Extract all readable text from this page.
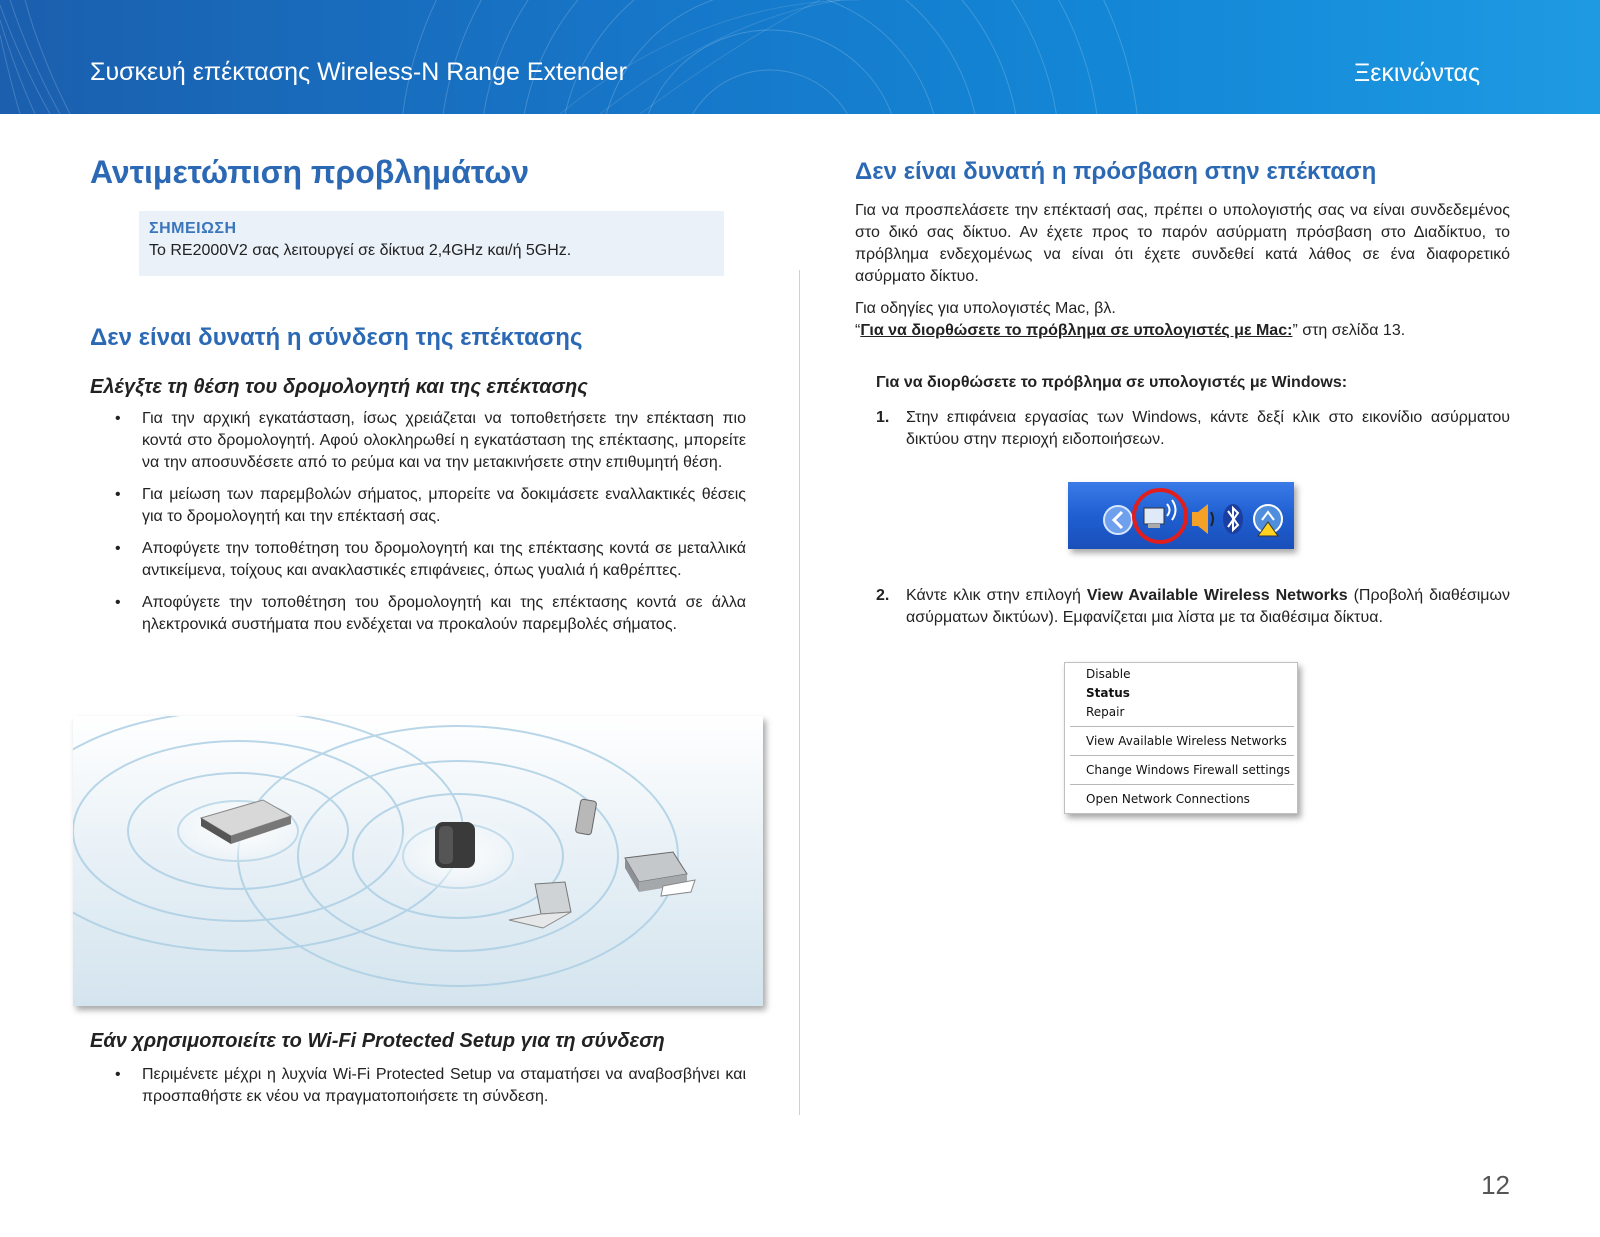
Συσκευή επέκτασης Wireless-N Range Extender	Ξεκινώντας
Αντιμετώπιση προβλημάτων
ΣΗΜΕΙΩΣΗ
Το RE2000V2 σας λειτουργεί σε δίκτυα 2,4GHz και/ή 5GHz.
Δεν είναι δυνατή η σύνδεση της επέκτασης
Ελέγξτε τη θέση του δρομολογητή και της επέκτασης
• Για την αρχική εγκατάσταση, ίσως χρειάζεται να τοποθετήσετε την επέκταση πιο κοντά στο δρομολογητή. Αφού ολοκληρωθεί η εγκατάσταση της επέκτασης, μπορείτε να την αποσυνδέσετε από το ρεύμα και να την μετακινήσετε στην επιθυμητή θέση.
• Για μείωση των παρεμβολών σήματος, μπορείτε να δοκιμάσετε εναλλακτικές θέσεις για το δρομολογητή και την επέκτασή σας.
• Αποφύγετε την τοποθέτηση του δρομολογητή και της επέκτασης κοντά σε μεταλλικά αντικείμενα, τοίχους και ανακλαστικές επιφάνειες, όπως γυαλιά ή καθρέπτες.
• Αποφύγετε την τοποθέτηση του δρομολογητή και της επέκτασης κοντά σε άλλα ηλεκτρονικά συστήματα που ενδέχεται να προκαλούν παρεμβολές σήματος.
Εάν χρησιμοποιείτε το Wi-Fi Protected Setup για τη σύνδεση
• Περιμένετε μέχρι η λυχνία Wi-Fi Protected Setup να σταματήσει να αναβοσβήνει και προσπαθήστε εκ νέου να πραγματοποιήσετε τη σύνδεση.
Δεν είναι δυνατή η πρόσβαση στην επέκταση

Για να προσπελάσετε την επέκτασή σας, πρέπει ο υπολογιστής σας να είναι συνδεδεμένος στο δικό σας δίκτυο. Αν έχετε προς το παρόν ασύρματη πρόσβαση στο Διαδίκτυο, το πρόβλημα ενδεχομένως να είναι ότι έχετε συνδεθεί κατά λάθος σε ένα διαφορετικό ασύρματο δίκτυο.

Για οδηγίες για υπολογιστές Mac, βλ.
“Για να διορθώσετε το πρόβλημα σε υπολογιστές με Mac:” στη σελίδα 13.
Για να διορθώσετε το πρόβλημα σε υπολογιστές με Windows:
1. Στην επιφάνεια εργασίας των Windows, κάντε δεξί κλικ στο εικονίδιο ασύρματου δικτύου στην περιοχή ειδοποιήσεων.
2. Κάντε κλικ στην επιλογή View Available Wireless Networks (Προβολή διαθέσιμων ασύρματων δικτύων). Εμφανίζεται μια λίστα με τα διαθέσιμα δίκτυα.
Disable
Status
Repair
View Available Wireless Networks
Change Windows Firewall settings
Open Network Connections
12
